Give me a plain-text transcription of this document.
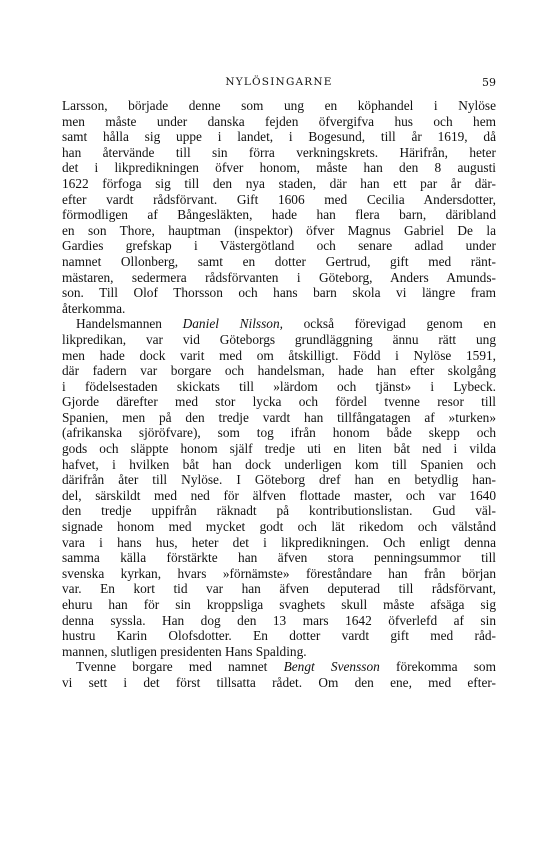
NYLÖSINGARNE	59
Larsson, började denne som ung en köphandel i Nylöse
men måste under danska fejden öfvergifva hus och hem
samt hålla sig uppe i landet, i Bogesund, till år 1619, då
han återvände till sin förra verkningskrets. Härifrån, heter
det i likpredikningen öfver honom, måste han den 8 augusti
1622 förfoga sig till den nya staden, där han ett par år där-
efter vardt rådsförvant. Gift 1606 med Cecilia Andersdotter,
förmodligen af Bångesläkten, hade han flera barn, däribland
en son Thore, hauptman (inspektor) öfver Magnus Gabriel De la
Gardies grefskap i Västergötland och senare adlad under
namnet Ollonberg, samt en dotter Gertrud, gift med ränt-
mästaren, sedermera rådsförvanten i Göteborg, Anders Amunds-
son. Till Olof Thorsson och hans barn skola vi längre fram
återkomma.
Handelsmannen Daniel Nilsson, också förevigad genom en
likpredikan, var vid Göteborgs grundläggning ännu rätt ung
men hade dock varit med om åtskilligt. Född i Nylöse 1591,
där fadern var borgare och handelsman, hade han efter skolgång
i födelsestaden skickats till »lärdom och tjänst» i Lybeck.
Gjorde därefter med stor lycka och fördel tvenne resor till
Spanien, men på den tredje vardt han tillfångatagen af »turken»
(afrikanska sjöröfvare), som tog ifrån honom både skepp och
gods och släppte honom själf tredje uti en liten båt ned i vilda
hafvet, i hvilken båt han dock underligen kom till Spanien och
därifrån åter till Nylöse. I Göteborg dref han en betydlig han-
del, särskildt med ned för älfven flottade master, och var 1640
den tredje uppifrån räknadt på kontributionslistan. Gud väl-
signade honom med mycket godt och lät rikedom och välstånd
vara i hans hus, heter det i likpredikningen. Och enligt denna
samma källa förstärkte han äfven stora penningsummor till
svenska kyrkan, hvars »förnämste» föreståndare han från början
var. En kort tid var han äfven deputerad till rådsförvant,
ehuru han för sin kroppsliga svaghets skull måste afsäga sig
denna syssla. Han dog den 13 mars 1642 öfverlefd af sin
hustru Karin Olofsdotter. En dotter vardt gift med råd-
mannen, slutligen presidenten Hans Spalding.
Tvenne borgare med namnet Bengt Svensson förekomma som
vi sett i det först tillsatta rådet. Om den ene, med efter-
